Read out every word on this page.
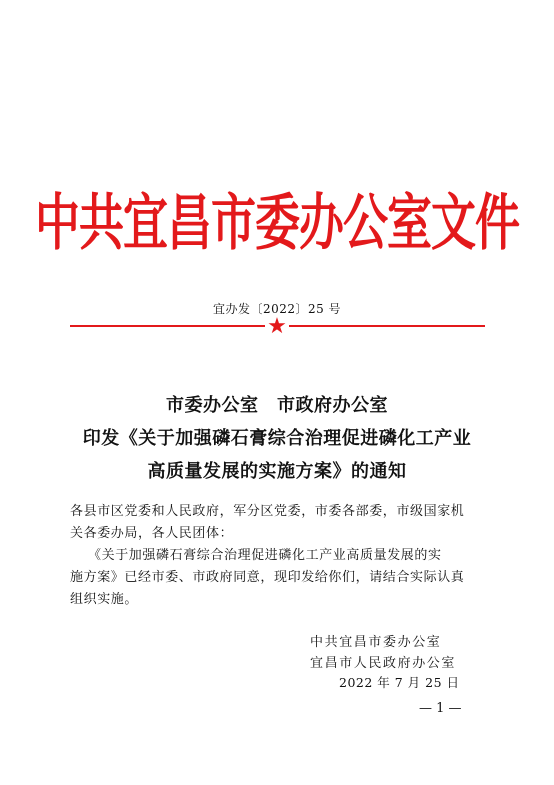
中共宜昌市委办公室文件
宜办发〔2022〕25 号
★
市委办公室　市政府办公室
印发《关于加强磷石膏综合治理促进磷化工产业
高质量发展的实施方案》的通知
各县市区党委和人民政府，军分区党委，市委各部委，市级国家机
关各委办局，各人民团体：
《关于加强磷石膏综合治理促进磷化工产业高质量发展的实
施方案》已经市委、市政府同意，现印发给你们，请结合实际认真
组织实施。
中共宜昌市委办公室
宜昌市人民政府办公室
2022 年 7 月 25 日
— 1 —
